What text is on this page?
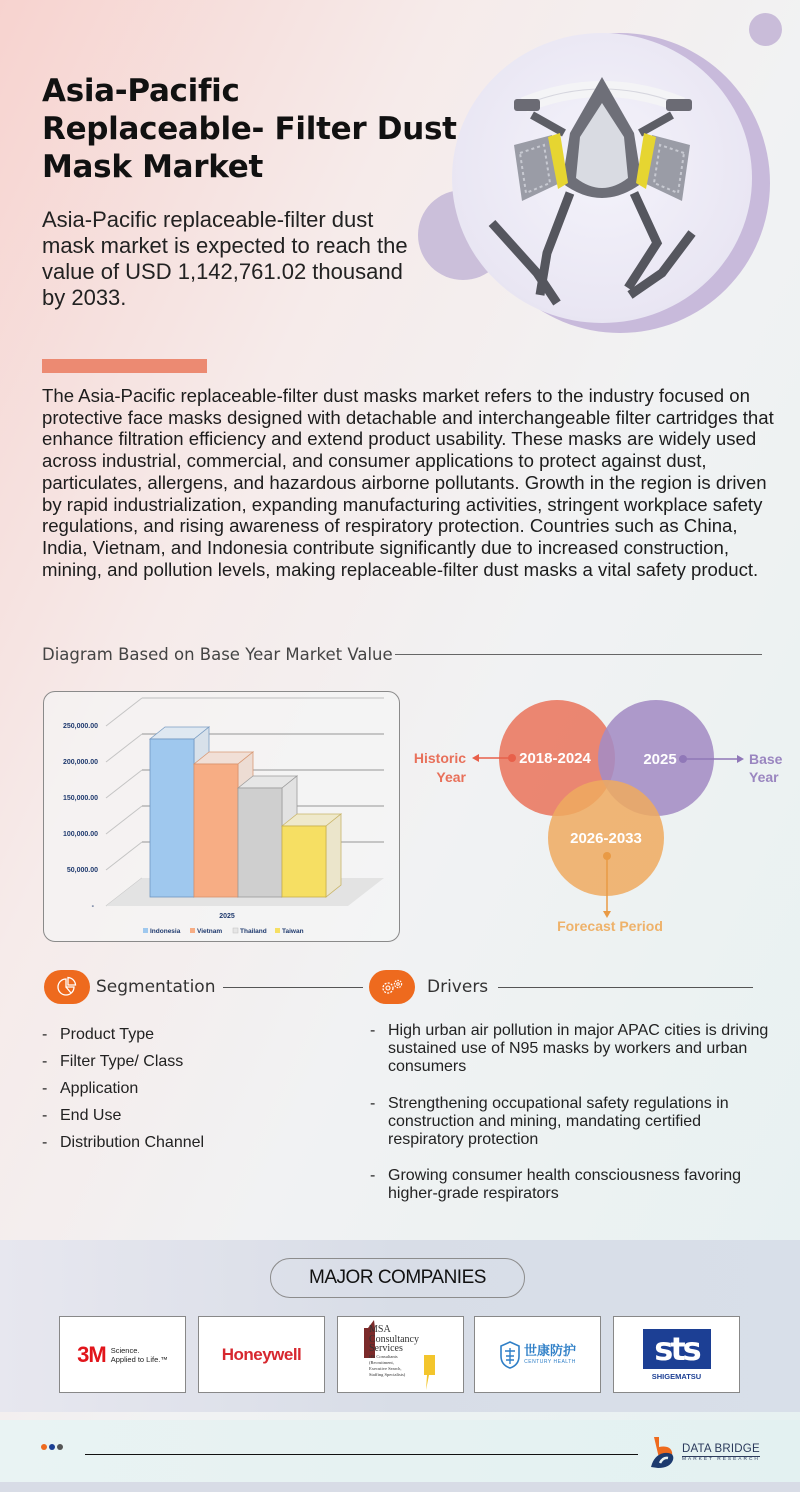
Asia-Pacific Replaceable- Filter Dust Mask Market

Asia-Pacific replaceable-filter dust mask market is expected to reach the value of USD 1,142,761.02 thousand by 2033.

The Asia-Pacific replaceable-filter dust masks market refers to the industry focused on protective face masks designed with detachable and interchangeable filter cartridges that enhance filtration efficiency and extend product usability. These masks are widely used across industrial, commercial, and consumer applications to protect against dust, particulates, allergens, and hazardous airborne pollutants. Growth in the region is driven by rapid industrialization, expanding manufacturing activities, stringent workplace safety regulations, and rising awareness of respiratory protection. Countries such as China, India, Vietnam, and Indonesia contribute significantly due to increased construction, mining, and pollution levels, making replaceable-filter dust masks a vital safety product.

Diagram Based on Base Year Market Value
250,000.00
200,000.00
150,000.00
100,000.00
50,000.00
-
2025
Indonesia	Vietnam	Thailand Taiwan
2018-2024	2025
2026-2033
Historic
Year
Base
Year
Forecast Period
Segmentation
- Product Type
- Filter Type/ Class
- Application
- End Use
- Distribution Channel
Drivers
- High urban air pollution in major APAC cities is driving sustained use of N95 masks by workers and urban consumers
- Strengthening occupational safety regulations in construction and mining, mandating certified respiratory protection
- Growing consumer health consciousness favoring higher-grade respirators
MAJOR COMPANIES
3M Science.
Applied to Life.™	Honeywell
MSA
Consultancy
Services
HR Consultants
(Recruitment,
Executive Search,
Staffing Specialists)
世康防护
CENTURY HEALTH sts
SHIGEMATSU
DATA BRIDGE
MARKET RESEARCH
